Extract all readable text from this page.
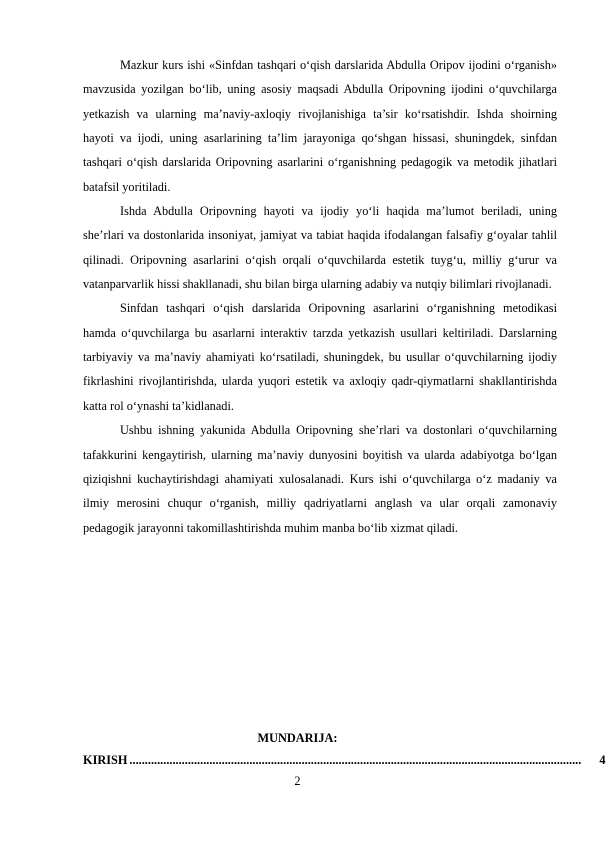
Mazkur kurs ishi «Sinfdan tashqari o‘qish darslarida Abdulla Oripov ijodini o‘rganish» mavzusida yozilgan bo‘lib, uning asosiy maqsadi Abdulla Oripovning ijodini o‘quvchilarga yetkazish va ularning ma’naviy-axloqiy rivojlanishiga ta’sir ko‘rsatishdir. Ishda shoirning hayoti va ijodi, uning asarlarining ta’lim jarayoniga qo‘shgan hissasi, shuningdek, sinfdan tashqari o‘qish darslarida Oripovning asarlarini o‘rganishning pedagogik va metodik jihatlari batafsil yoritiladi.

Ishda Abdulla Oripovning hayoti va ijodiy yo‘li haqida ma’lumot beriladi, uning she’rlari va dostonlarida insoniyat, jamiyat va tabiat haqida ifodalangan falsafiy g‘oyalar tahlil qilinadi. Oripovning asarlarini o‘qish orqali o‘quvchilarda estetik tuyg‘u, milliy g‘urur va vatanparvarlik hissi shakllanadi, shu bilan birga ularning adabiy va nutqiy bilimlari rivojlanadi.

Sinfdan tashqari o‘qish darslarida Oripovning asarlarini o‘rganishning metodikasi hamda o‘quvchilarga bu asarlarni interaktiv tarzda yetkazish usullari keltiriladi. Darslarning tarbiyaviy va ma’naviy ahamiyati ko‘rsatiladi, shuningdek, bu usullar o‘quvchilarning ijodiy fikrlashini rivojlantirishda, ularda yuqori estetik va axloqiy qadr-qiymatlarni shakllantirishda katta rol o‘ynashi ta’kidlanadi.

Ushbu ishning yakunida Abdulla Oripovning she’rlari va dostonlari o‘quvchilarning tafakkurini kengaytirish, ularning ma’naviy dunyosini boyitish va ularda adabiyotga bo‘lgan qiziqishni kuchaytirishdagi ahamiyati xulosalanadi. Kurs ishi o‘quvchilarga o‘z madaniy va ilmiy merosini chuqur o‘rganish, milliy qadriyatlarni anglash va ular orqali zamonaviy pedagogik jarayonni takomillashtirishda muhim manba bo‘lib xizmat qiladi.

MUNDARIJA:
KIRISH ...................................................................................................................................................	4
2
